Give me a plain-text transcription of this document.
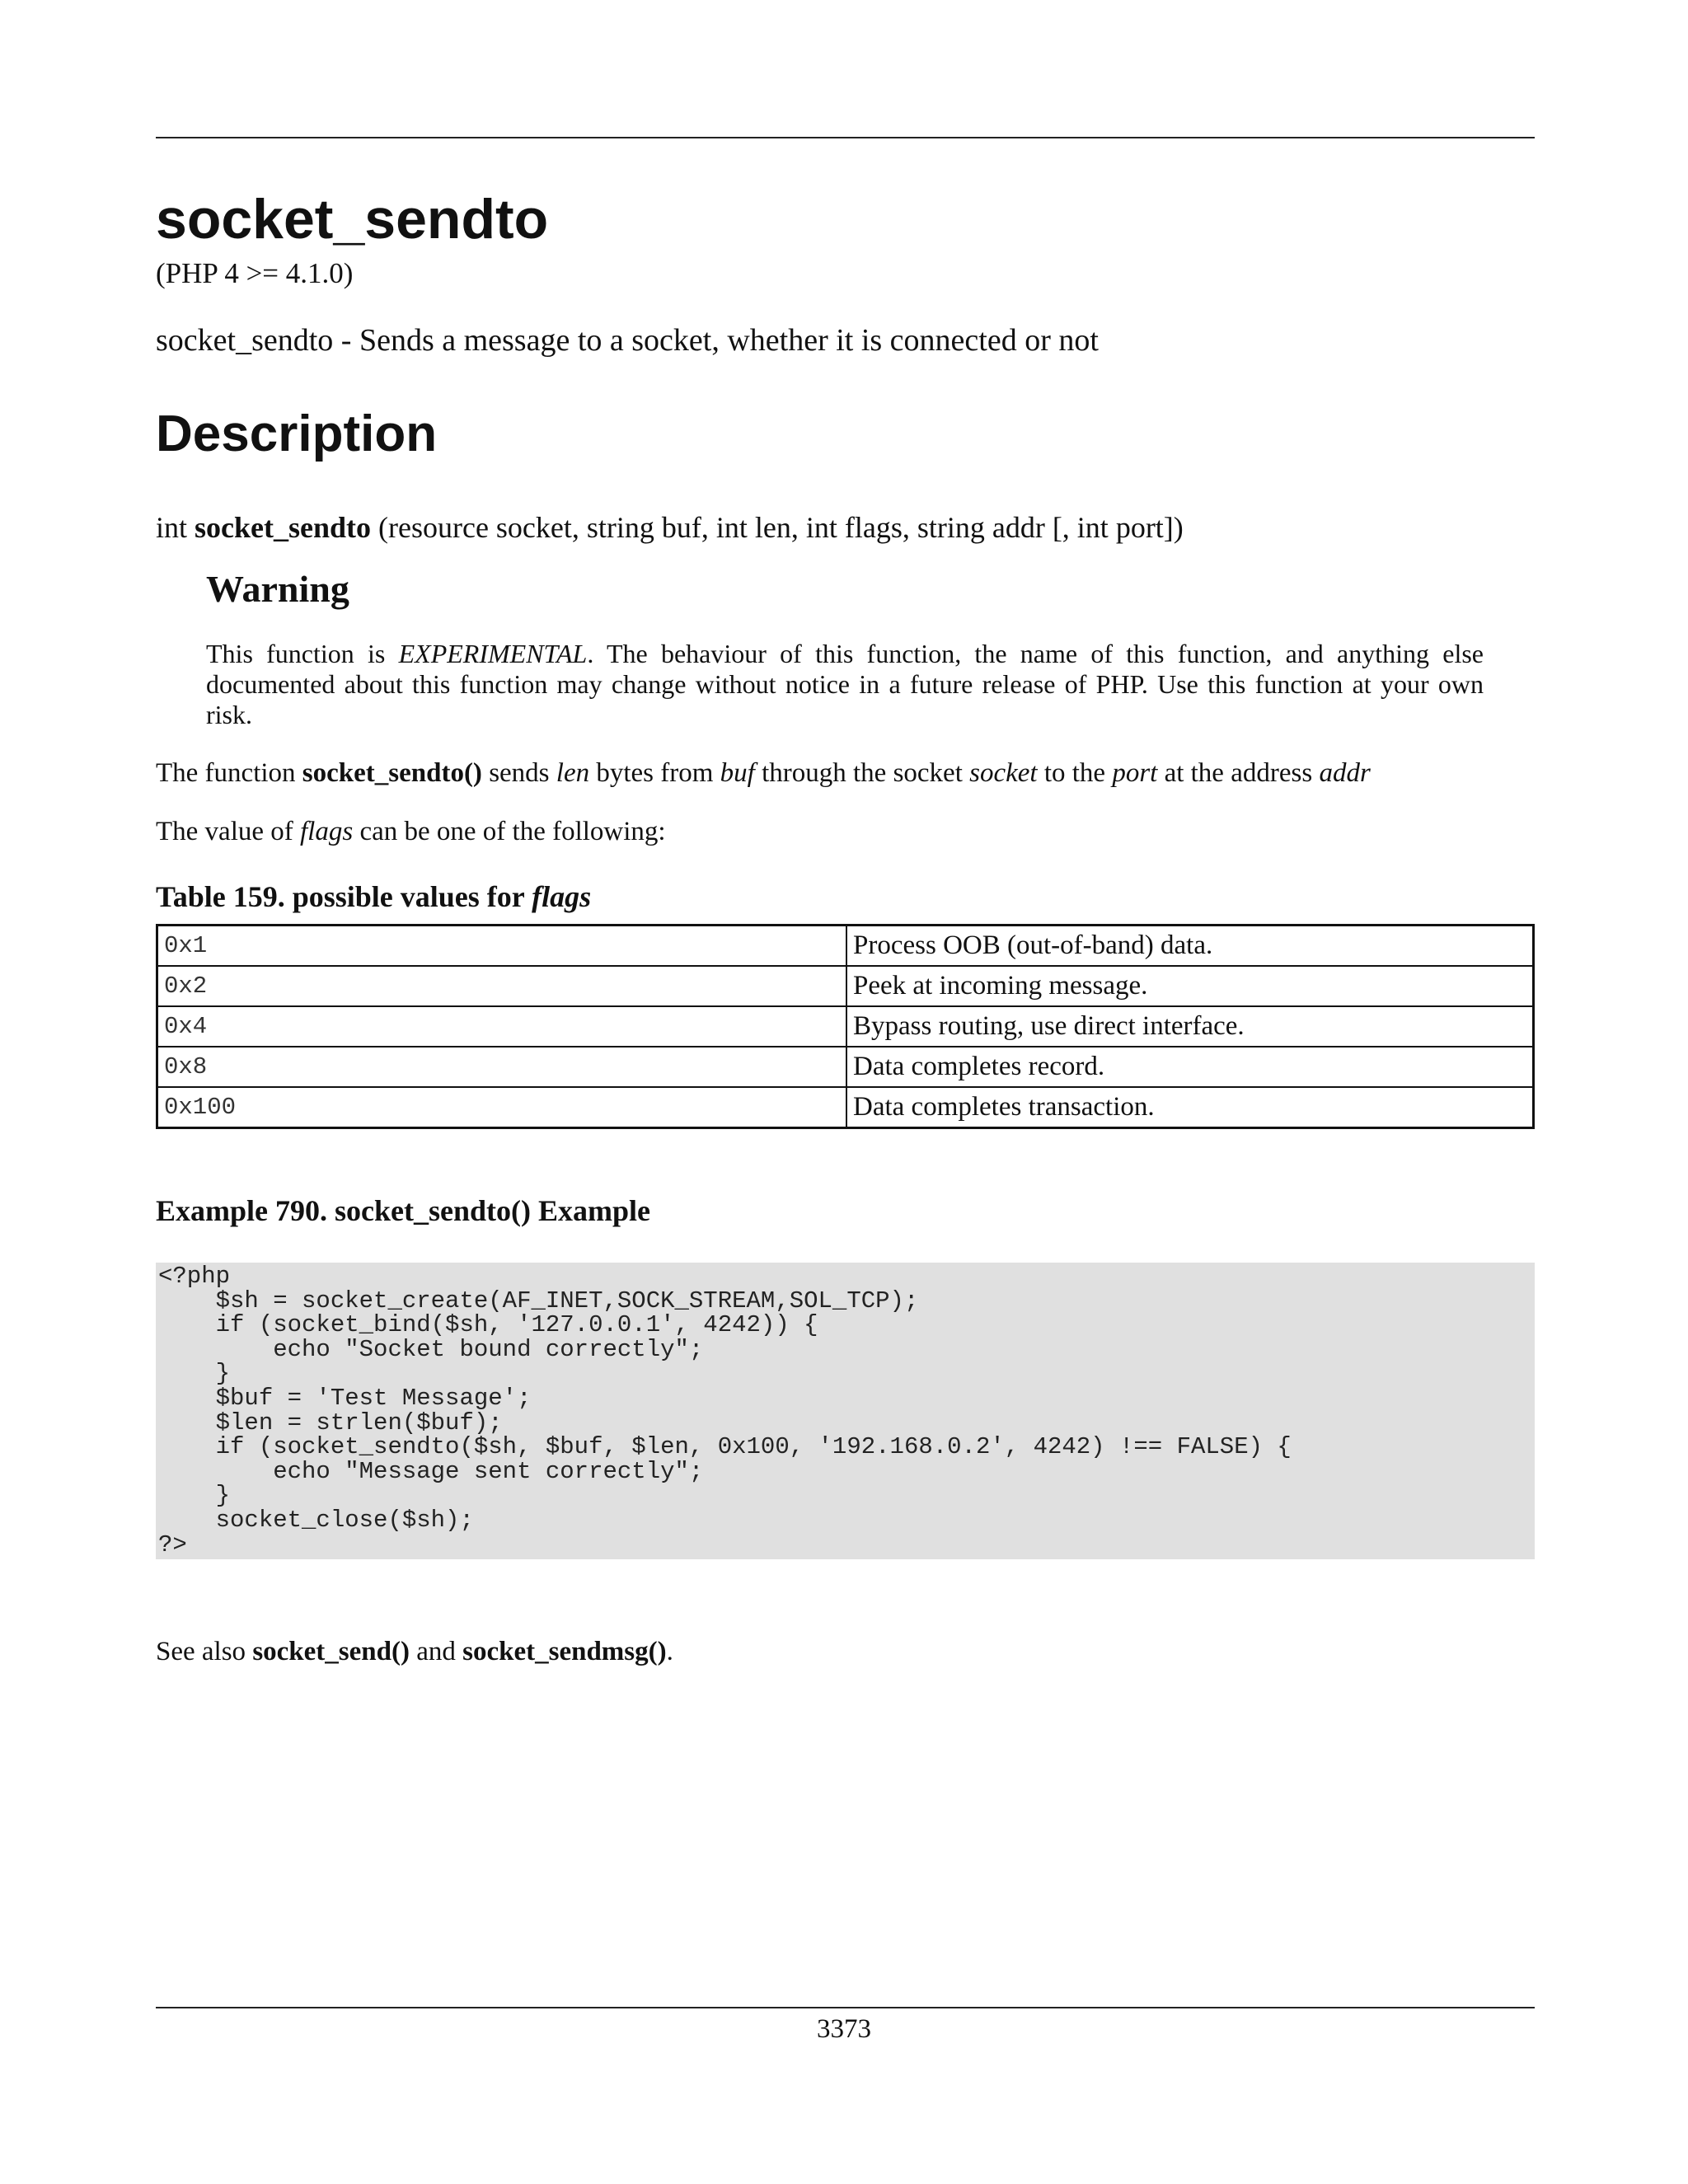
socket_sendto
(PHP 4 >= 4.1.0)
socket_sendto - Sends a message to a socket, whether it is connected or not
Description
int socket_sendto (resource socket, string buf, int len, int flags, string addr [, int port])
Warning
This function is EXPERIMENTAL. The behaviour of this function, the name of this function, and anything else documented about this function may change without notice in a future release of PHP. Use this function at your own risk.
The function socket_sendto() sends len bytes from buf through the socket socket to the port at the address addr
The value of flags can be one of the following:
Table 159. possible values for flags
0x1	Process OOB (out-of-band) data.
0x2	Peek at incoming message.
0x4	Bypass routing, use direct interface.
0x8	Data completes record.
0x100	Data completes transaction.
Example 790. socket_sendto() Example
<?php
$sh = socket_create(AF_INET,SOCK_STREAM,SOL_TCP);
if (socket_bind($sh, '127.0.0.1', 4242)) {
echo "Socket bound correctly";
}
$buf = 'Test Message';
$len = strlen($buf);
if (socket_sendto($sh, $buf, $len, 0x100, '192.168.0.2', 4242) !== FALSE) {
echo "Message sent correctly";
}
socket_close($sh);
?>
See also socket_send() and socket_sendmsg().
3373
